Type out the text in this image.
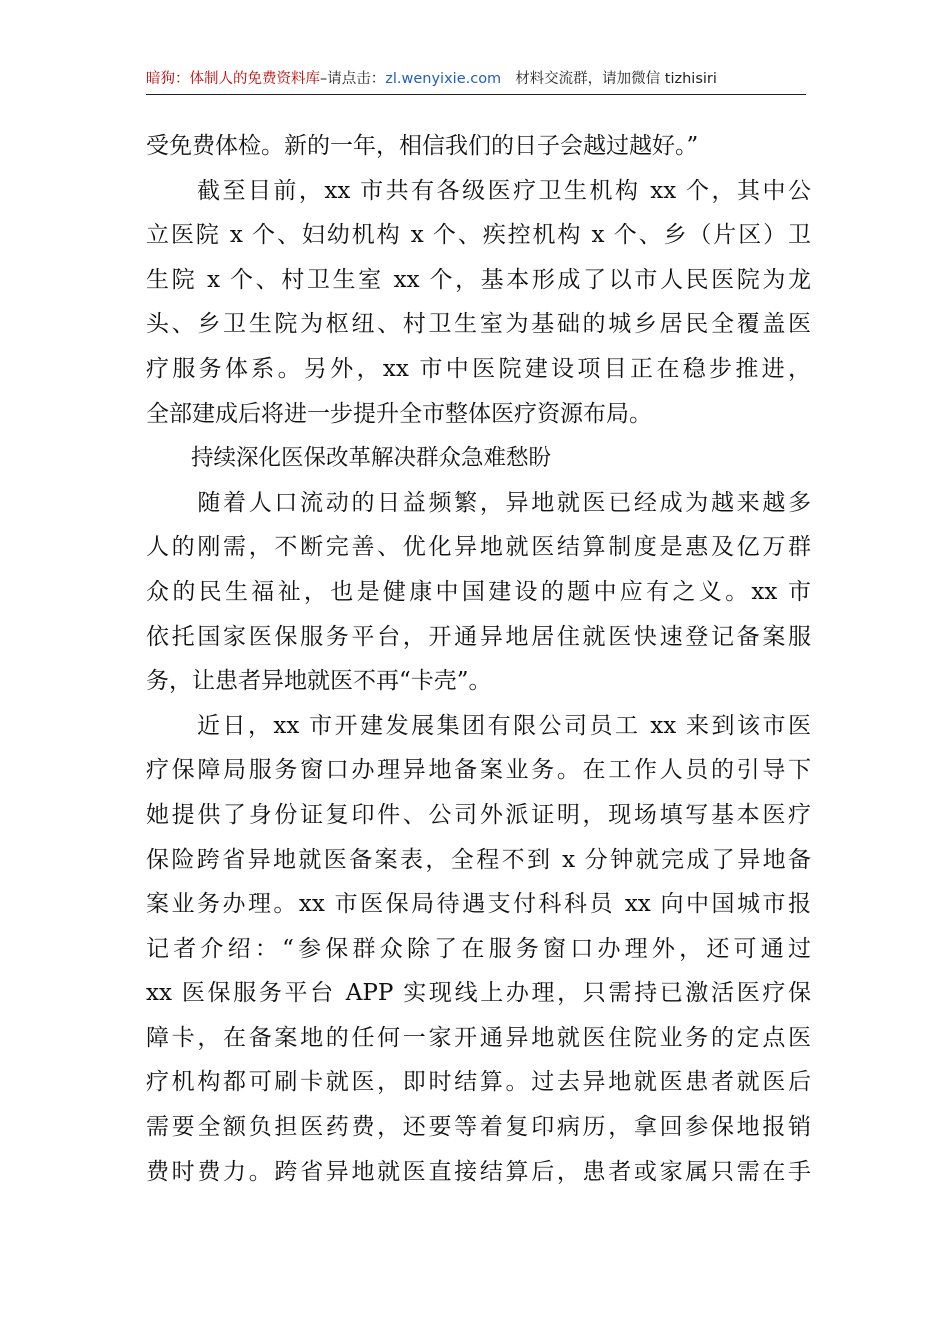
暗狗：体制人的免费资料库–请点击：zl.wenyixie.com 材料交流群，请加微信 tizhisiri
受免费体检。新的一年，相信我们的日子会越过越好。”
　　截至目前，xx 市共有各级医疗卫生机构 xx 个，其中公
立医院 x 个、妇幼机构 x 个、疾控机构 x 个、乡（片区）卫
生院 x 个、村卫生室 xx 个，基本形成了以市人民医院为龙
头、乡卫生院为枢纽、村卫生室为基础的城乡居民全覆盖医
疗服务体系。另外，xx 市中医院建设项目正在稳步推进，
全部建成后将进一步提升全市整体医疗资源布局。
　　持续深化医保改革解决群众急难愁盼
　　随着人口流动的日益频繁，异地就医已经成为越来越多
人的刚需，不断完善、优化异地就医结算制度是惠及亿万群
众的民生福祉，也是健康中国建设的题中应有之义。xx 市
依托国家医保服务平台，开通异地居住就医快速登记备案服
务，让患者异地就医不再“卡壳”。
　　近日，xx 市开建发展集团有限公司员工 xx 来到该市医
疗保障局服务窗口办理异地备案业务。在工作人员的引导下
她提供了身份证复印件、公司外派证明，现场填写基本医疗
保险跨省异地就医备案表，全程不到 x 分钟就完成了异地备
案业务办理。xx 市医保局待遇支付科科员 xx 向中国城市报
记者介绍：“参保群众除了在服务窗口办理外，还可通过
xx 医保服务平台 APP 实现线上办理，只需持已激活医疗保
障卡，在备案地的任何一家开通异地就医住院业务的定点医
疗机构都可刷卡就医，即时结算。过去异地就医患者就医后
需要全额负担医药费，还要等着复印病历，拿回参保地报销
费时费力。跨省异地就医直接结算后，患者或家属只需在手
